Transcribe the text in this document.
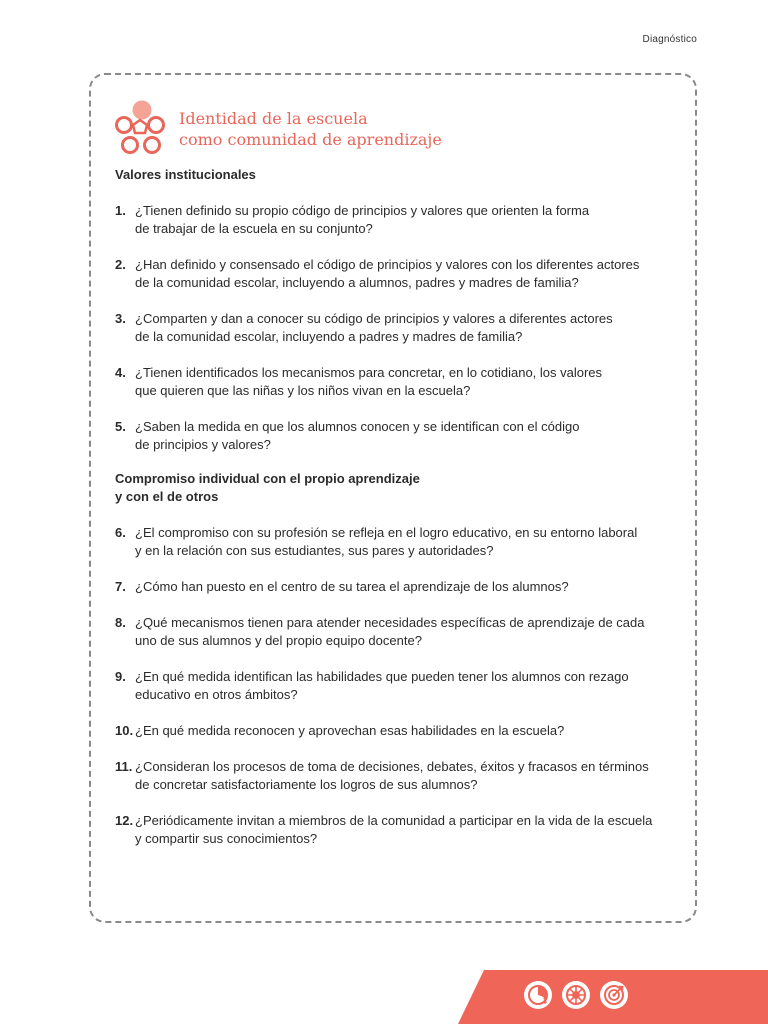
Diagnóstico
Identidad de la escuela
como comunidad de aprendizaje
Valores institucionales
1. ¿Tienen definido su propio código de principios y valores que orienten la forma
de trabajar de la escuela en su conjunto?
2. ¿Han definido y consensado el código de principios y valores con los diferentes actores
de la comunidad escolar, incluyendo a alumnos, padres y madres de familia?
3. ¿Comparten y dan a conocer su código de principios y valores a diferentes actores
de la comunidad escolar, incluyendo a padres y madres de familia?
4. ¿Tienen identificados los mecanismos para concretar, en lo cotidiano, los valores
que quieren que las niñas y los niños vivan en la escuela?
5. ¿Saben la medida en que los alumnos conocen y se identifican con el código
de principios y valores?
Compromiso individual con el propio aprendizaje
y con el de otros
6. ¿El compromiso con su profesión se refleja en el logro educativo, en su entorno laboral
y en la relación con sus estudiantes, sus pares y autoridades?
7. ¿Cómo han puesto en el centro de su tarea el aprendizaje de los alumnos?
8. ¿Qué mecanismos tienen para atender necesidades específicas de aprendizaje de cada
uno de sus alumnos y del propio equipo docente?
9. ¿En qué medida identifican las habilidades que pueden tener los alumnos con rezago
educativo en otros ámbitos?
10. ¿En qué medida reconocen y aprovechan esas habilidades en la escuela?
11. ¿Consideran los procesos de toma de decisiones, debates, éxitos y fracasos en términos
de concretar satisfactoriamente los logros de sus alumnos?
12. ¿Periódicamente invitan a miembros de la comunidad a participar en la vida de la escuela
y compartir sus conocimientos?
